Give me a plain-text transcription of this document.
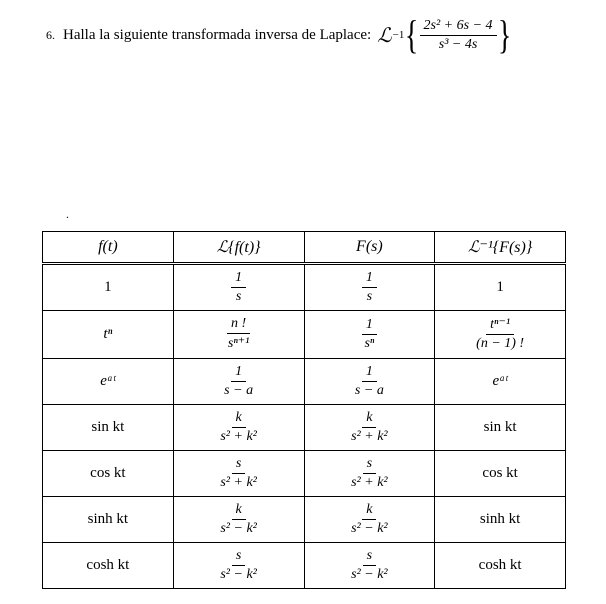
6. Halla la siguiente transformada inversa de Laplace: ℒ −1 { $\frac{\text{2s² + 6s − 4}}{\text{s³ − 4s}}$ }
.
f(t)	ℒ{f(t)}	F(s)	ℒ⁻¹{F(s)}
1	$\frac{1}{s}$	$\frac{1}{s}$	1
tⁿ	$\frac{n !}{\text{sⁿ⁺¹}}$	$\frac{1}{\text{sⁿ}}$	$\frac{\text{tⁿ⁻¹}}{(n - 1) !}$

eᵃᵗ	$\frac{1}{s - a}$	$\frac{1}{s - a}$	eᵃᵗ
sin kt	$\frac{k}{\text{s² + k²}}$	$\frac{k}{\text{s² + k²}}$	sin kt
cos kt	$\frac{s}{\text{s² + k²}}$	$\frac{s}{\text{s² + k²}}$	cos kt
sinh kt	$\frac{k}{\text{s² − k²}}$	$\frac{k}{\text{s² − k²}}$	sinh kt
cosh kt	$\frac{s}{\text{s² − k²}}$	$\frac{s}{\text{s² − k²}}$	cosh kt
